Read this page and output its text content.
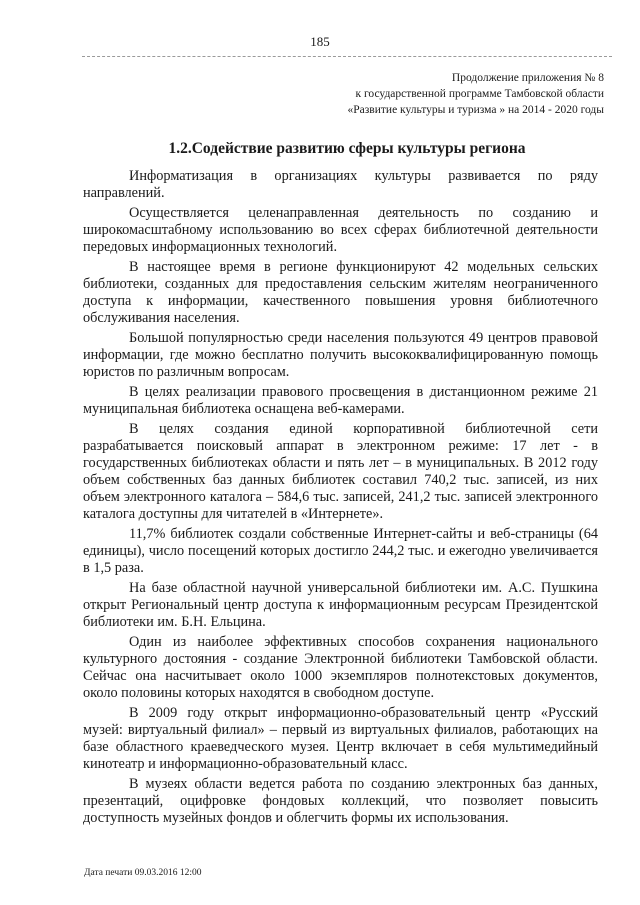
185
Продолжение приложения № 8
к государственной программе Тамбовской области
«Развитие культуры и туризма » на 2014 - 2020 годы
1.2.Содействие развитию сферы культуры региона

Информатизация в организациях культуры развивается по ряду направлений.

Осуществляется целенаправленная деятельность по созданию и широкомасштабному использованию во всех сферах библиотечной деятельности передовых информационных технологий.

В настоящее время в регионе функционируют 42 модельных сельских библиотеки, созданных для предоставления сельским жителям неограниченного доступа к информации, качественного повышения уровня библиотечного обслуживания населения.

Большой популярностью среди населения пользуются 49 центров правовой информации, где можно бесплатно получить высококвалифицированную помощь юристов по различным вопросам.

В целях реализации правового просвещения в дистанционном режиме 21 муниципальная библиотека оснащена веб-камерами.

В целях создания единой корпоративной библиотечной сети разрабатывается поисковый аппарат в электронном режиме: 17 лет - в государственных библиотеках области и пять лет – в муниципальных. В 2012 году объем собственных баз данных библиотек составил 740,2 тыс. записей, из них объем электронного каталога – 584,6 тыс. записей, 241,2 тыс. записей электронного каталога доступны для читателей в «Интернете».

11,7% библиотек создали собственные Интернет-сайты и веб-страницы (64 единицы), число посещений которых достигло 244,2 тыс. и ежегодно увеличивается в 1,5 раза.

На базе областной научной универсальной библиотеки им. А.С. Пушкина открыт Региональный центр доступа к информационным ресурсам Президентской библиотеки им. Б.Н. Ельцина.

Один из наиболее эффективных способов сохранения национального культурного достояния - создание Электронной библиотеки Тамбовской области. Сейчас она насчитывает около 1000 экземпляров полнотекстовых документов, около половины которых находятся в свободном доступе.

В 2009 году открыт информационно-образовательный центр «Русский музей: виртуальный филиал» – первый из виртуальных филиалов, работающих на базе областного краеведческого музея. Центр включает в себя мультимедийный кинотеатр и информационно-образовательный класс.

В музеях области ведется работа по созданию электронных баз данных, презентаций, оцифровке фондовых коллекций, что позволяет повысить доступность музейных фондов и облегчить формы их использования.

Дата печати 09.03.2016 12:00
